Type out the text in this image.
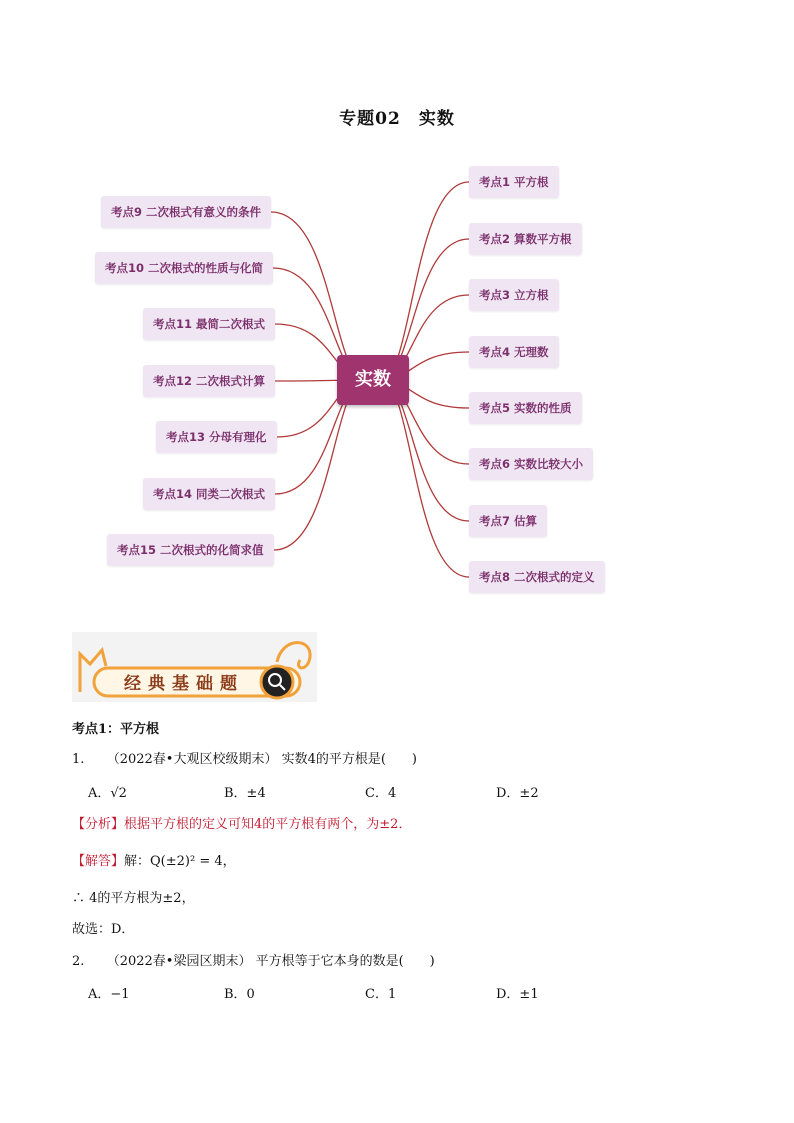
专题02　实数
实数
考点1 平方根
考点2 算数平方根
考点3 立方根
考点4 无理数
考点5 实数的性质
考点6 实数比较大小
考点7 估算
考点8 二次根式的定义
考点9 二次根式有意义的条件
考点10 二次根式的性质与化简
考点11 最简二次根式
考点12 二次根式计算
考点13 分母有理化
考点14 同类二次根式
考点15 二次根式的化简求值
经典基础题
考点1：平方根
1. （2022春•大观区校级期末） 实数4的平方根是(　　)
A．√2	B．±4	C．4	D．±2
【分析】根据平方根的定义可知4的平方根有两个，为±2．
【解答】解：Q(±2)² = 4，
∴ 4的平方根为±2，
故选：D．
2. （2022春•梁园区期末） 平方根等于它本身的数是(　　)
A．−1	B．0	C．1	D．±1
